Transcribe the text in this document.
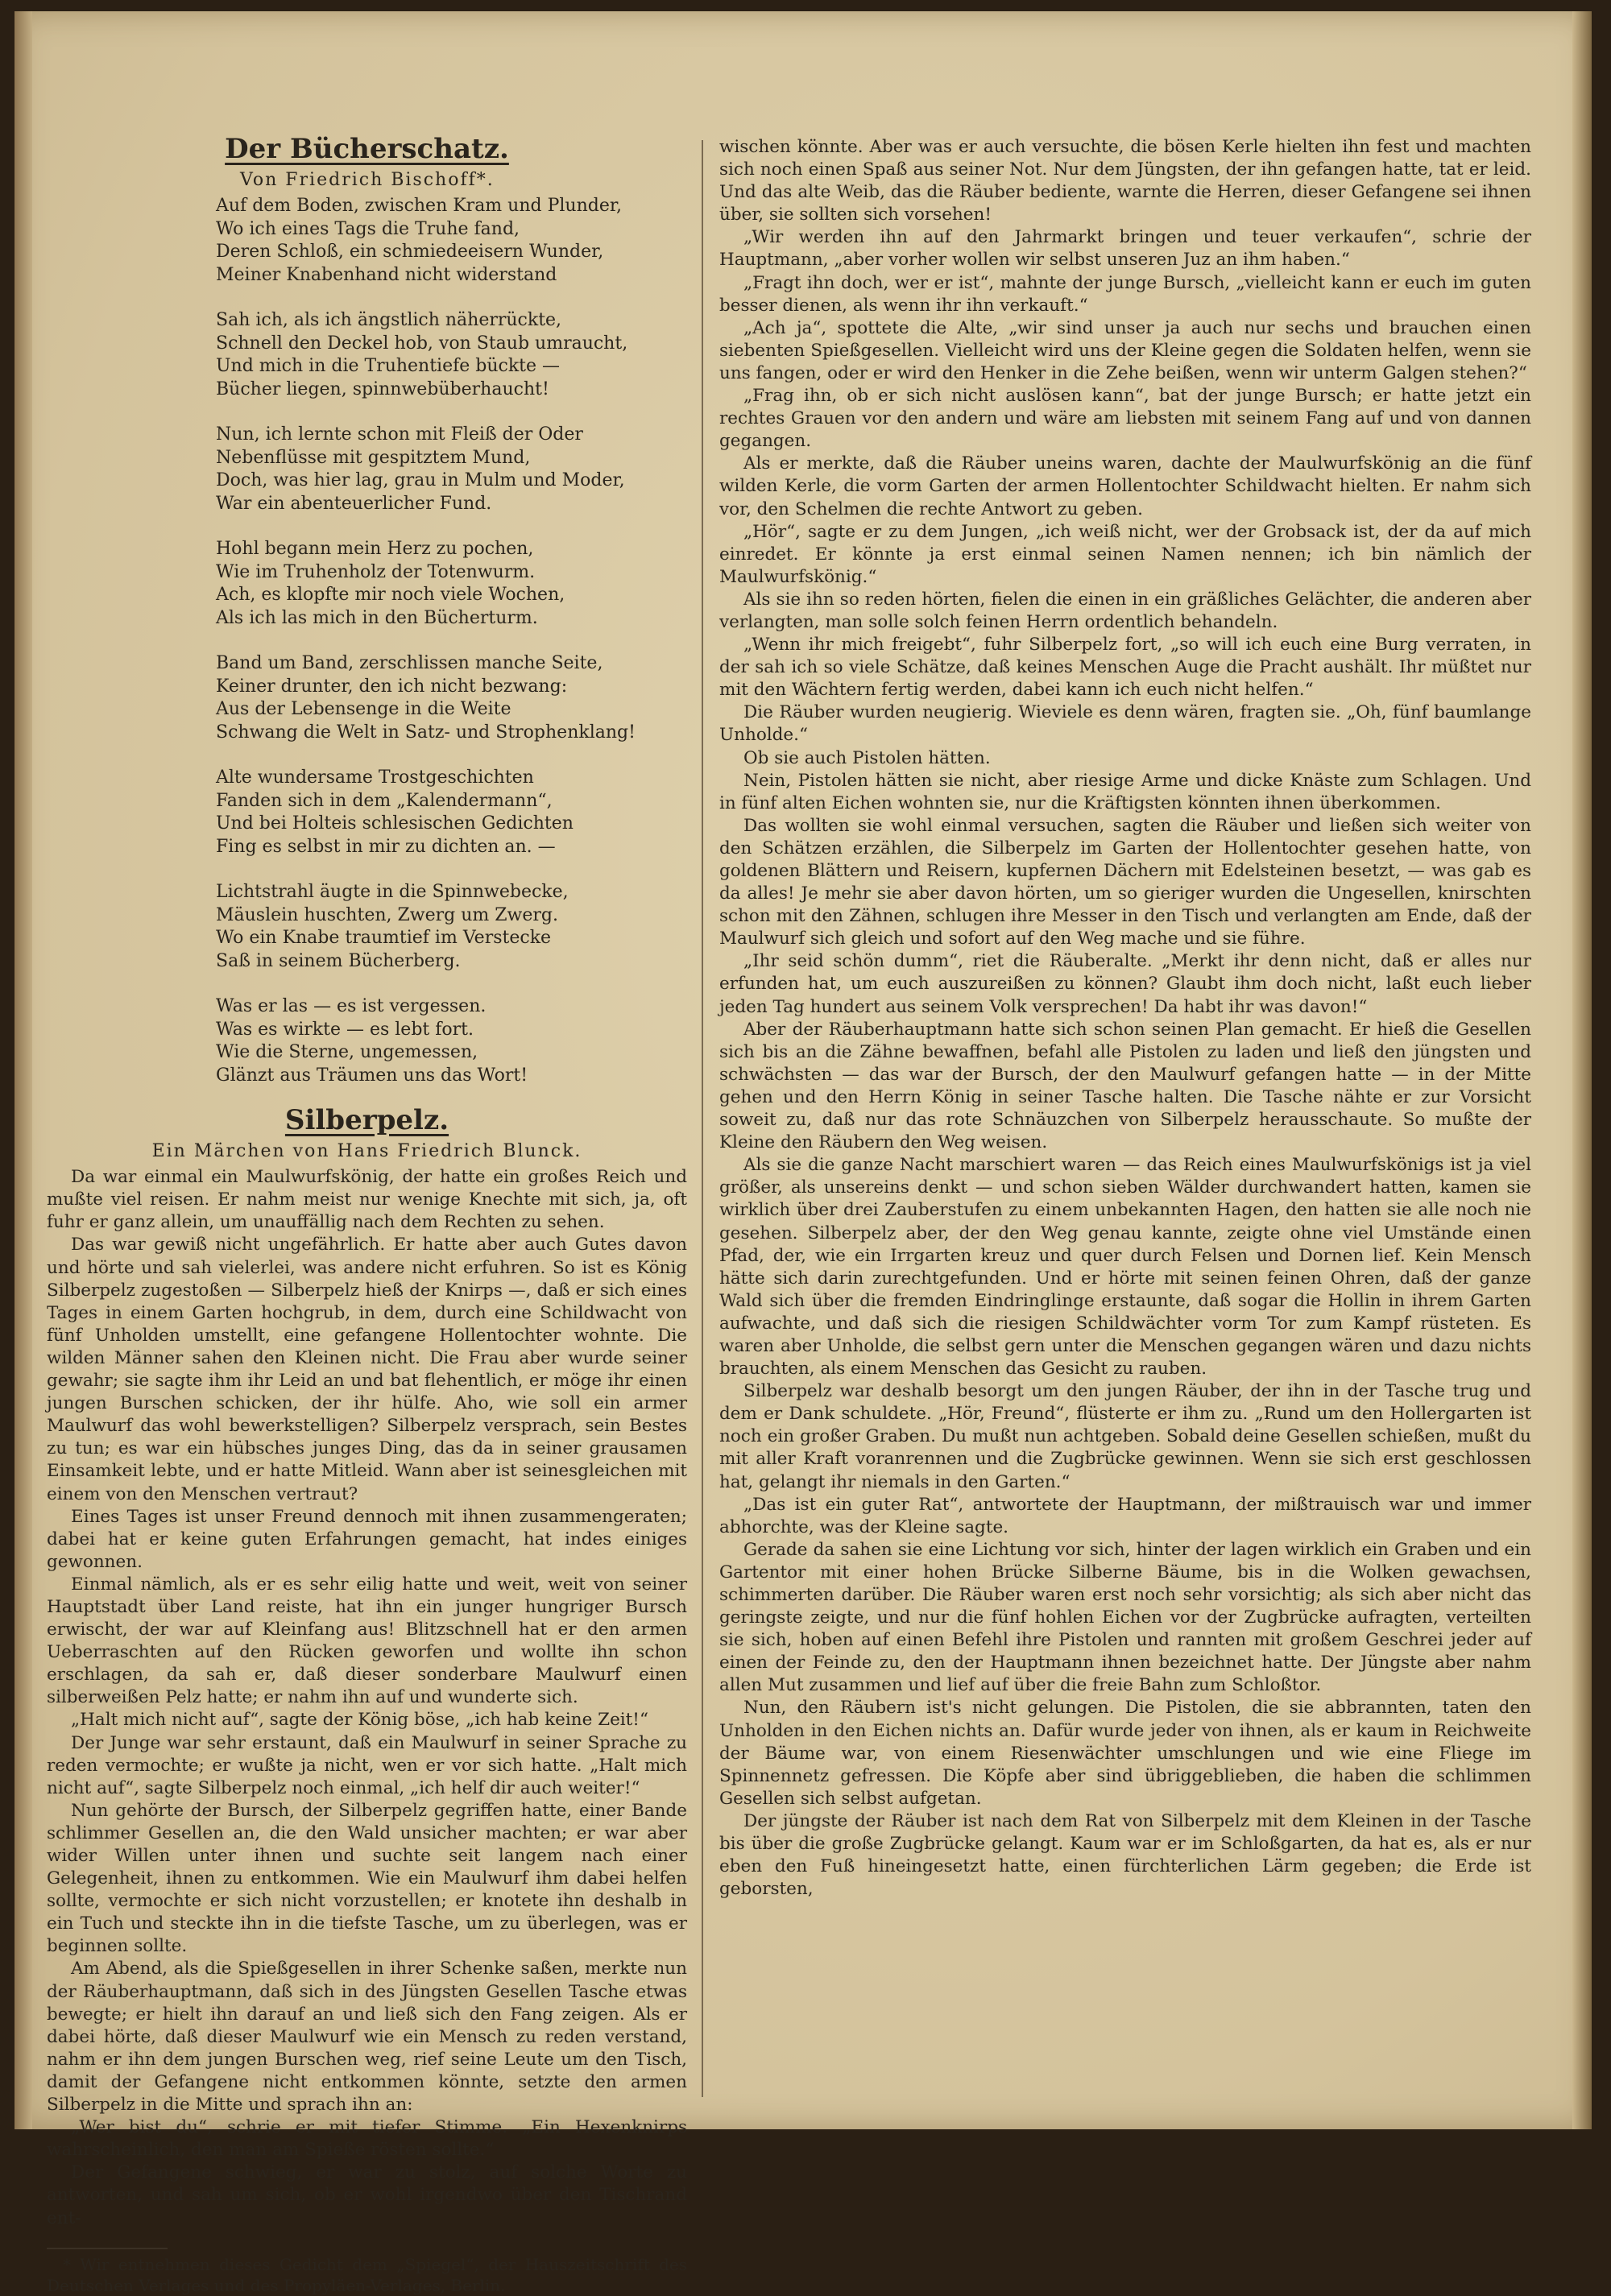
Der Bücherschatz.
Von Friedrich Bischoff*.
Auf dem Boden, zwischen Kram und Plunder,
Wo ich eines Tags die Truhe fand,
Deren Schloß, ein schmiedeeisern Wunder,
Meiner Knabenhand nicht widerstand
Sah ich, als ich ängstlich näherrückte,
Schnell den Deckel hob, von Staub umraucht,
Und mich in die Truhentiefe bückte —
Bücher liegen, spinnwebüberhaucht!
Nun, ich lernte schon mit Fleiß der Oder
Nebenflüsse mit gespitztem Mund,
Doch, was hier lag, grau in Mulm und Moder,
War ein abenteuerlicher Fund.
Hohl begann mein Herz zu pochen,
Wie im Truhenholz der Totenwurm.
Ach, es klopfte mir noch viele Wochen,
Als ich las mich in den Bücherturm.
Band um Band, zerschlissen manche Seite,
Keiner drunter, den ich nicht bezwang:
Aus der Lebensenge in die Weite
Schwang die Welt in Satz- und Strophenklang!
Alte wundersame Trostgeschichten
Fanden sich in dem „Kalendermann“,
Und bei Holteis schlesischen Gedichten
Fing es selbst in mir zu dichten an. —
Lichtstrahl äugte in die Spinnwebecke,
Mäuslein huschten, Zwerg um Zwerg.
Wo ein Knabe traumtief im Verstecke
Saß in seinem Bücherberg.
Was er las — es ist vergessen.
Was es wirkte — es lebt fort.
Wie die Sterne, ungemessen,
Glänzt aus Träumen uns das Wort!
Silberpelz.
Ein Märchen von Hans Friedrich Blunck.

Da war einmal ein Maulwurfskönig, der hatte ein großes Reich und mußte viel reisen. Er nahm meist nur wenige Knechte mit sich, ja, oft fuhr er ganz allein, um unauffällig nach dem Rechten zu sehen.

Das war gewiß nicht ungefährlich. Er hatte aber auch Gutes davon und hörte und sah vielerlei, was andere nicht erfuhren. So ist es König Silberpelz zugestoßen — Silberpelz hieß der Knirps —, daß er sich eines Tages in einem Garten hochgrub, in dem, durch eine Schildwacht von fünf Unholden umstellt, eine gefangene Hollentochter wohnte. Die wilden Männer sahen den Kleinen nicht. Die Frau aber wurde seiner gewahr; sie sagte ihm ihr Leid an und bat flehentlich, er möge ihr einen jungen Burschen schicken, der ihr hülfe. Aho, wie soll ein armer Maulwurf das wohl bewerkstelligen? Silberpelz versprach, sein Bestes zu tun; es war ein hübsches junges Ding, das da in seiner grausamen Einsamkeit lebte, und er hatte Mitleid. Wann aber ist seinesgleichen mit einem von den Menschen vertraut?

Eines Tages ist unser Freund dennoch mit ihnen zusammengeraten; dabei hat er keine guten Erfahrungen gemacht, hat indes einiges gewonnen.

Einmal nämlich, als er es sehr eilig hatte und weit, weit von seiner Hauptstadt über Land reiste, hat ihn ein junger hungriger Bursch erwischt, der war auf Kleinfang aus! Blitzschnell hat er den armen Ueberraschten auf den Rücken geworfen und wollte ihn schon erschlagen, da sah er, daß dieser sonderbare Maulwurf einen silberweißen Pelz hatte; er nahm ihn auf und wunderte sich.

„Halt mich nicht auf“, sagte der König böse, „ich hab keine Zeit!“

Der Junge war sehr erstaunt, daß ein Maulwurf in seiner Sprache zu reden vermochte; er wußte ja nicht, wen er vor sich hatte. „Halt mich nicht auf“, sagte Silberpelz noch einmal, „ich helf dir auch weiter!“

Nun gehörte der Bursch, der Silberpelz gegriffen hatte, einer Bande schlimmer Gesellen an, die den Wald unsicher machten; er war aber wider Willen unter ihnen und suchte seit langem nach einer Gelegenheit, ihnen zu entkommen. Wie ein Maulwurf ihm dabei helfen sollte, vermochte er sich nicht vorzustellen; er knotete ihn deshalb in ein Tuch und steckte ihn in die tiefste Tasche, um zu überlegen, was er beginnen sollte.

Am Abend, als die Spießgesellen in ihrer Schenke saßen, merkte nun der Räuberhauptmann, daß sich in des Jüngsten Gesellen Tasche etwas bewegte; er hielt ihn darauf an und ließ sich den Fang zeigen. Als er dabei hörte, daß dieser Maulwurf wie ein Mensch zu reden verstand, nahm er ihn dem jungen Burschen weg, rief seine Leute um den Tisch, damit der Gefangene nicht entkommen könnte, setzte den armen Silberpelz in die Mitte und sprach ihn an:

„Wer bist du“, schrie er mit tiefer Stimme. „Ein Hexenknirps wahrscheinlich, den man am Spieße rösten sollte.“

Der Gefangene schwieg, er war zu stolz, auf solche Worte zu antworten, und sah um sich, ob er wohl irgendwo über den Tischrand ent-

* Wir entnehmen dieses Gedicht dem „Spiegel“, der Hauszeitschrift des Deutschen Verlages und des Propyläen-Verlages, Berlin.

wischen könnte. Aber was er auch versuchte, die bösen Kerle hielten ihn fest und machten sich noch einen Spaß aus seiner Not. Nur dem Jüngsten, der ihn gefangen hatte, tat er leid. Und das alte Weib, das die Räuber bediente, warnte die Herren, dieser Gefangene sei ihnen über, sie sollten sich vorsehen!

„Wir werden ihn auf den Jahrmarkt bringen und teuer verkaufen“, schrie der Hauptmann, „aber vorher wollen wir selbst unseren Juz an ihm haben.“

„Fragt ihn doch, wer er ist“, mahnte der junge Bursch, „vielleicht kann er euch im guten besser dienen, als wenn ihr ihn verkauft.“

„Ach ja“, spottete die Alte, „wir sind unser ja auch nur sechs und brauchen einen siebenten Spießgesellen. Vielleicht wird uns der Kleine gegen die Soldaten helfen, wenn sie uns fangen, oder er wird den Henker in die Zehe beißen, wenn wir unterm Galgen stehen?“

„Frag ihn, ob er sich nicht auslösen kann“, bat der junge Bursch; er hatte jetzt ein rechtes Grauen vor den andern und wäre am liebsten mit seinem Fang auf und von dannen gegangen.

Als er merkte, daß die Räuber uneins waren, dachte der Maulwurfskönig an die fünf wilden Kerle, die vorm Garten der armen Hollentochter Schildwacht hielten. Er nahm sich vor, den Schelmen die rechte Antwort zu geben.

„Hör“, sagte er zu dem Jungen, „ich weiß nicht, wer der Grobsack ist, der da auf mich einredet. Er könnte ja erst einmal seinen Namen nennen; ich bin nämlich der Maulwurfskönig.“

Als sie ihn so reden hörten, fielen die einen in ein gräßliches Gelächter, die anderen aber verlangten, man solle solch feinen Herrn ordentlich behandeln.

„Wenn ihr mich freigebt“, fuhr Silberpelz fort, „so will ich euch eine Burg verraten, in der sah ich so viele Schätze, daß keines Menschen Auge die Pracht aushält. Ihr müßtet nur mit den Wächtern fertig werden, dabei kann ich euch nicht helfen.“

Die Räuber wurden neugierig. Wieviele es denn wären, fragten sie. „Oh, fünf baumlange Unholde.“

Ob sie auch Pistolen hätten.

Nein, Pistolen hätten sie nicht, aber riesige Arme und dicke Knäste zum Schlagen. Und in fünf alten Eichen wohnten sie, nur die Kräftigsten könnten ihnen überkommen.

Das wollten sie wohl einmal versuchen, sagten die Räuber und ließen sich weiter von den Schätzen erzählen, die Silberpelz im Garten der Hollentochter gesehen hatte, von goldenen Blättern und Reisern, kupfernen Dächern mit Edelsteinen besetzt, — was gab es da alles! Je mehr sie aber davon hörten, um so gieriger wurden die Ungesellen, knirschten schon mit den Zähnen, schlugen ihre Messer in den Tisch und verlangten am Ende, daß der Maulwurf sich gleich und sofort auf den Weg mache und sie führe.

„Ihr seid schön dumm“, riet die Räuberalte. „Merkt ihr denn nicht, daß er alles nur erfunden hat, um euch auszureißen zu können? Glaubt ihm doch nicht, laßt euch lieber jeden Tag hundert aus seinem Volk versprechen! Da habt ihr was davon!“

Aber der Räuberhauptmann hatte sich schon seinen Plan gemacht. Er hieß die Gesellen sich bis an die Zähne bewaffnen, befahl alle Pistolen zu laden und ließ den jüngsten und schwächsten — das war der Bursch, der den Maulwurf gefangen hatte — in der Mitte gehen und den Herrn König in seiner Tasche halten. Die Tasche nähte er zur Vorsicht soweit zu, daß nur das rote Schnäuzchen von Silberpelz herausschaute. So mußte der Kleine den Räubern den Weg weisen.

Als sie die ganze Nacht marschiert waren — das Reich eines Maulwurfskönigs ist ja viel größer, als unsereins denkt — und schon sieben Wälder durchwandert hatten, kamen sie wirklich über drei Zauberstufen zu einem unbekannten Hagen, den hatten sie alle noch nie gesehen. Silberpelz aber, der den Weg genau kannte, zeigte ohne viel Umstände einen Pfad, der, wie ein Irrgarten kreuz und quer durch Felsen und Dornen lief. Kein Mensch hätte sich darin zurechtgefunden. Und er hörte mit seinen feinen Ohren, daß der ganze Wald sich über die fremden Eindringlinge erstaunte, daß sogar die Hollin in ihrem Garten aufwachte, und daß sich die riesigen Schildwächter vorm Tor zum Kampf rüsteten. Es waren aber Unholde, die selbst gern unter die Menschen gegangen wären und dazu nichts brauchten, als einem Menschen das Gesicht zu rauben.

Silberpelz war deshalb besorgt um den jungen Räuber, der ihn in der Tasche trug und dem er Dank schuldete. „Hör, Freund“, flüsterte er ihm zu. „Rund um den Hollergarten ist noch ein großer Graben. Du mußt nun achtgeben. Sobald deine Gesellen schießen, mußt du mit aller Kraft voranrennen und die Zugbrücke gewinnen. Wenn sie sich erst geschlossen hat, gelangt ihr niemals in den Garten.“

„Das ist ein guter Rat“, antwortete der Hauptmann, der mißtrauisch war und immer abhorchte, was der Kleine sagte.

Gerade da sahen sie eine Lichtung vor sich, hinter der lagen wirklich ein Graben und ein Gartentor mit einer hohen Brücke Silberne Bäume, bis in die Wolken gewachsen, schimmerten darüber. Die Räuber waren erst noch sehr vorsichtig; als sich aber nicht das geringste zeigte, und nur die fünf hohlen Eichen vor der Zugbrücke aufragten, verteilten sie sich, hoben auf einen Befehl ihre Pistolen und rannten mit großem Geschrei jeder auf einen der Feinde zu, den der Hauptmann ihnen bezeichnet hatte. Der Jüngste aber nahm allen Mut zusammen und lief auf über die freie Bahn zum Schloßtor.

Nun, den Räubern ist's nicht gelungen. Die Pistolen, die sie abbrannten, taten den Unholden in den Eichen nichts an. Dafür wurde jeder von ihnen, als er kaum in Reichweite der Bäume war, von einem Riesenwächter umschlungen und wie eine Fliege im Spinnennetz gefressen. Die Köpfe aber sind übriggeblieben, die haben die schlimmen Gesellen sich selbst aufgetan.

Der jüngste der Räuber ist nach dem Rat von Silberpelz mit dem Kleinen in der Tasche bis über die große Zugbrücke gelangt. Kaum war er im Schloßgarten, da hat es, als er nur eben den Fuß hineingesetzt hatte, einen fürchterlichen Lärm gegeben; die Erde ist geborsten,
